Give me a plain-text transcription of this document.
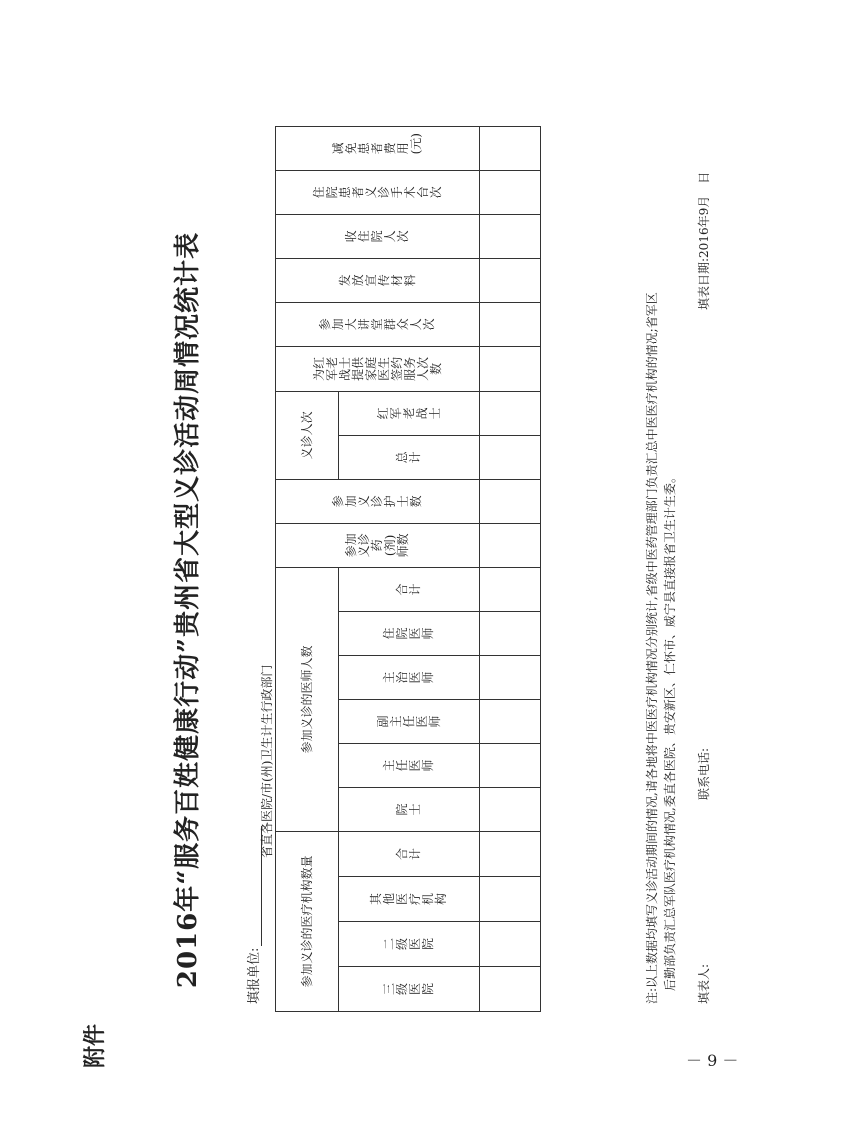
附件
2016年“服务百姓健康行动”贵州省大型义诊活动周情况统计表	填报单位:
省直各医院/市(州)卫生计生行政部门
参加义诊的医疗机构数量				参加义诊的医师人数						参加义诊药(剂)师数	参加义诊护士数	义诊人次		为红军老战士提供家庭医生签约服务人次数	参加大讲堂群众人次	发放宣传材料	收住院人次	住院患者义诊手术台次	减免患者费用(元)

三级医院	二级医院	其他医疗机构	合计	院士	主任医师	副主任医师	主治医师	住院医师	合计			总计	红军老战士						

																				注:以上数据均填写义诊活动期间的情况,请各地将中医医疗机构情况分别统计,省级中医药管理部门负责汇总中医医疗机构的情况;省军区 后勤部负责汇总军队医疗机构情况,委直各医院、贵安新区、仁怀市、威宁县直接报省卫生计生委。 填表人:
联系电话:
填表日期:2016年9月　日
－ 9 －
